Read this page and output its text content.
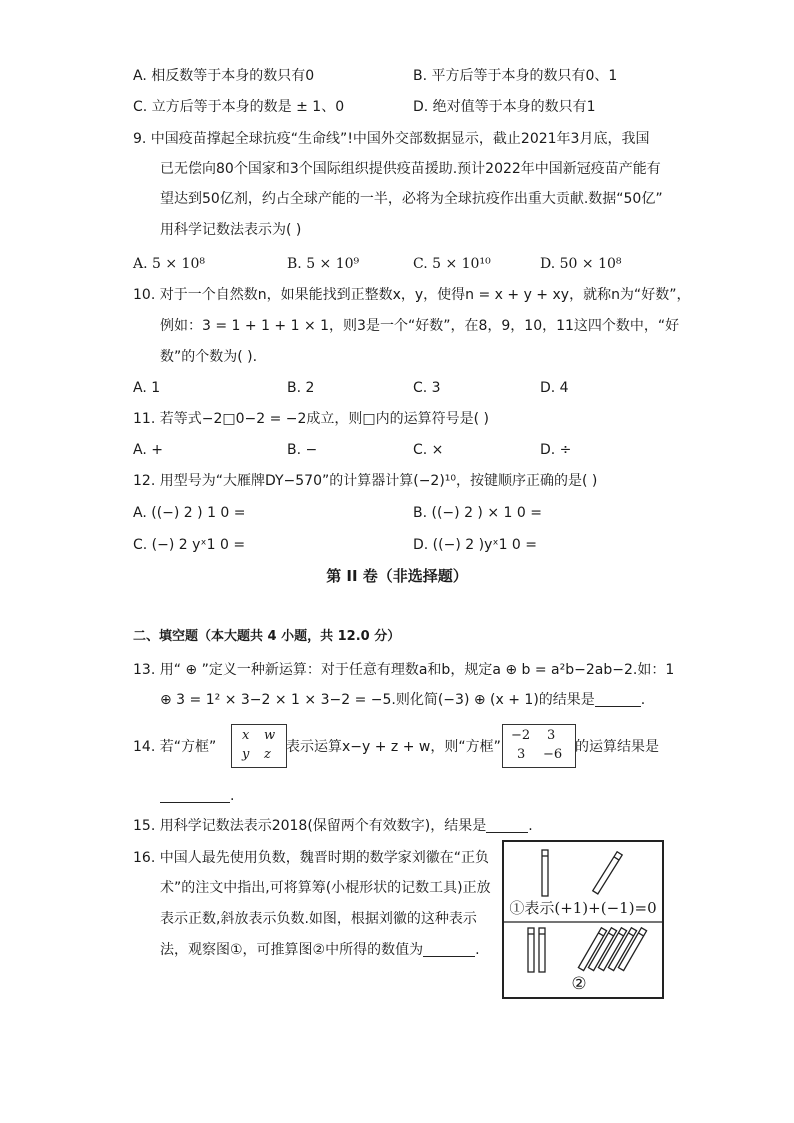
A. 相反数等于本身的数只有0	B. 平方后等于本身的数只有0、1
C. 立方后等于本身的数是 ± 1、0	D. 绝对值等于本身的数只有1
9. 中国疫苗撑起全球抗疫“生命线”!中国外交部数据显示，截止2021年3月底，我国
已无偿向80个国家和3个国际组织提供疫苗援助.预计2022年中国新冠疫苗产能有
望达到50亿剂，约占全球产能的一半，必将为全球抗疫作出重大贡献.数据“50亿”
用科学记数法表示为( )
A. 5 × 10⁸	B. 5 × 10⁹	C. 5 × 10¹⁰	D. 50 × 10⁸
10. 对于一个自然数n，如果能找到正整数x，y，使得n = x + y + xy，就称n为“好数”，
例如：3 = 1 + 1 + 1 × 1，则3是一个“好数”，在8，9，10，11这四个数中，“好
数”的个数为( ).
A. 1	B. 2	C. 3	D. 4
11. 若等式−2□0−2 = −2成立，则□内的运算符号是( )
A. +	B. −	C. ×	D. ÷
12. 用型号为“大雁牌DY−570”的计算器计算(−2)¹⁰，按键顺序正确的是( )
A. ((−) 2 ) 1 0 =	B. ((−) 2 ) × 1 0 =
C. (−) 2 yˣ1 0 =	D. ((−) 2 )yˣ1 0 =
第 II 卷（非选择题）
二、填空题（本大题共 4 小题，共 12.0 分）
13. 用“ ⊕ ”定义一种新运算：对于任意有理数a和b，规定a ⊕ b = a²b−2ab−2.如：1
⊕ 3 = 1² × 3−2 × 1 × 3−2 = −5.则化简(−3) ⊕ (x + 1)的结果是	.
14. 若“方框”
x w
y z 表示运算x−y + z + w，则“方框”
−2 3
3 −6 的运算结果是
.
15. 用科学记数法表示2018(保留两个有效数字)，结果是	.
16. 中国人最先使用负数，魏晋时期的数学家刘徽在“正负
术”的注文中指出,可将算筹(小棍形状的记数工具)正放
表示正数,斜放表示负数.如图，根据刘徽的这种表示
法，观察图①，可推算图②中所得的数值为	.
①表示(+1)+(−1)=0
②
